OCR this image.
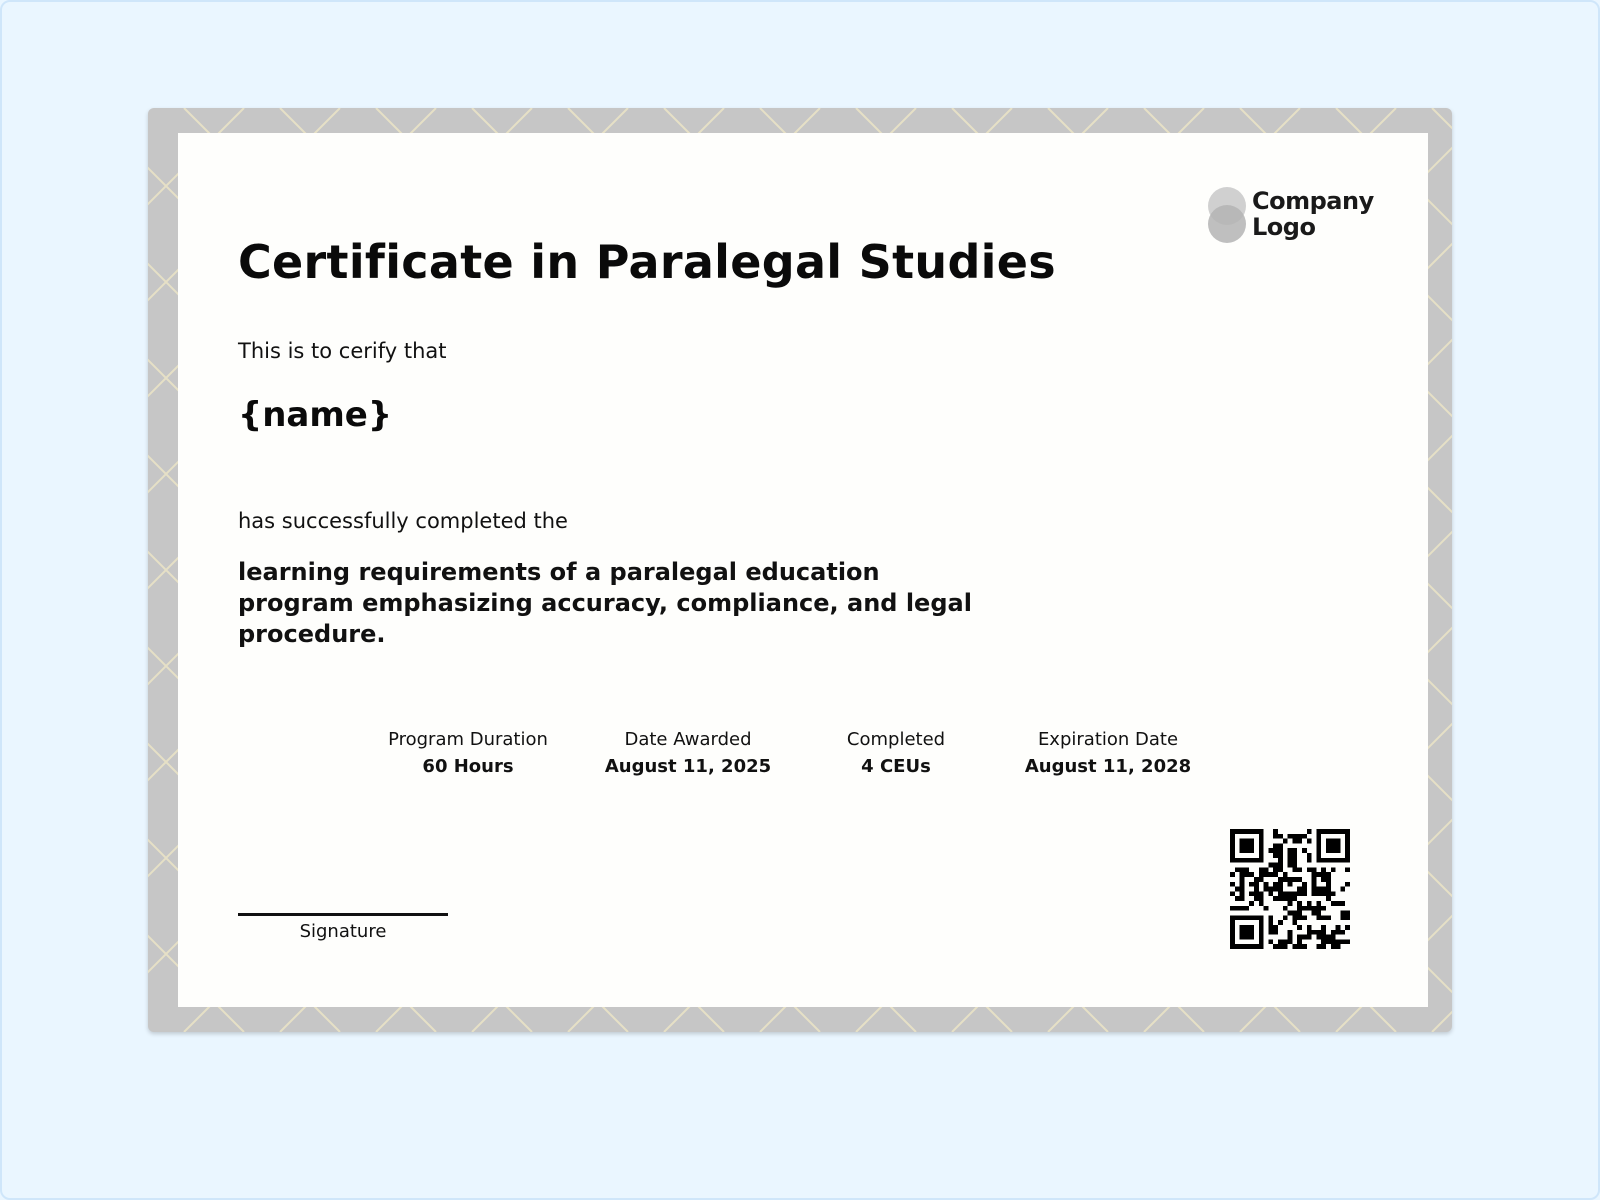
Company
Logo
Certificate in Paralegal Studies
This is to cerify that
{name}
has successfully completed the
learning requirements of a paralegal education program emphasizing accuracy, compliance, and legal procedure.
Program Duration
60 Hours
Date Awarded
August 11, 2025
Completed
4 CEUs
Expiration Date
August 11, 2028
Signature
